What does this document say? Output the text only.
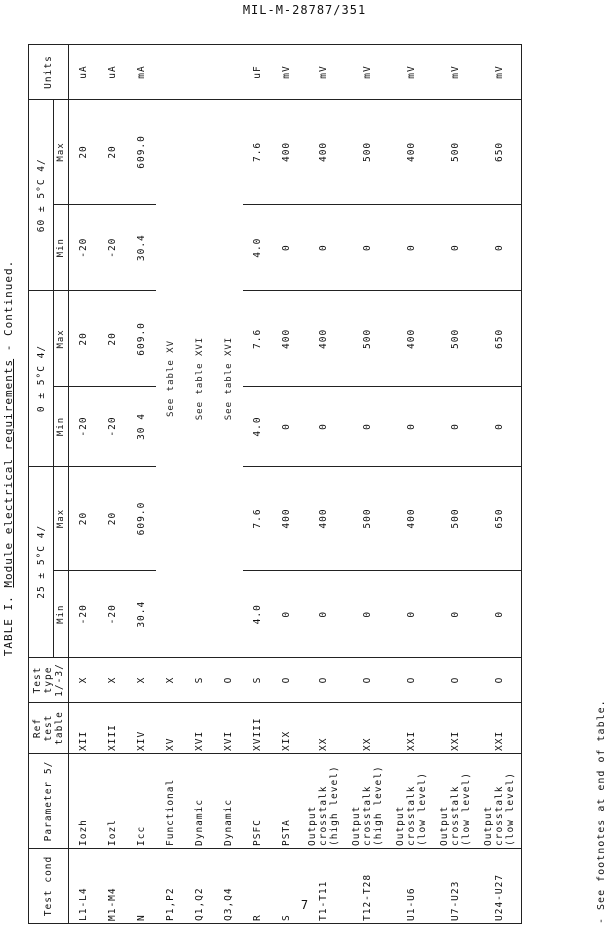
MIL-M-28787/351
TABLE I. Module electrical requirements - Continued.
Test cond	Parameter 5/	Ref test table	Test type 1/-3/	25 ± 5°C 4/		0 ± 5°C 4/		60 ± 5°C 4/		Units
				Min	Max	Min	Max	Min	Max	
L1-L4	Iozh	XII	X	-20	20	-20	20	-20	20	uA
M1-M4	Iozl	XIII	X	-20	20	-20	20	-20	20	uA
N	Icc	XIV	X	30.4	609.0	30 4	609.0	30.4	609.0	mA
P1,P2	Functional	XV	X	See table XV						
Q1,Q2	Dynamic	XVI	S	See table XVI						
Q3,Q4	Dynamic	XVI	O	See table XVI						
R	PSFC	XVIII	S	4.0	7.6	4.0	7.6	4.0	7.6	uF
S	PSTA	XIX	O	0	400	0	400	0	400	mV
T1-T11	Output crosstalk (high level)	XX	O	0	400	0	400	0	400	mV
T12-T28	Output crosstalk (high level)	XX	O	0	500	0	500	0	500	mV
U1-U6	Output crosstalk (low level)	XXI	O	0	400	0	400	0	400	mV
U7-U23	Output crosstalk (low level)	XXI	O	0	500	0	500	0	500	mV
U24-U27	Output crosstalk (low level)	XXI	O	0	650	0	650	0	650	mV
- See footnotes at end of table.
7
